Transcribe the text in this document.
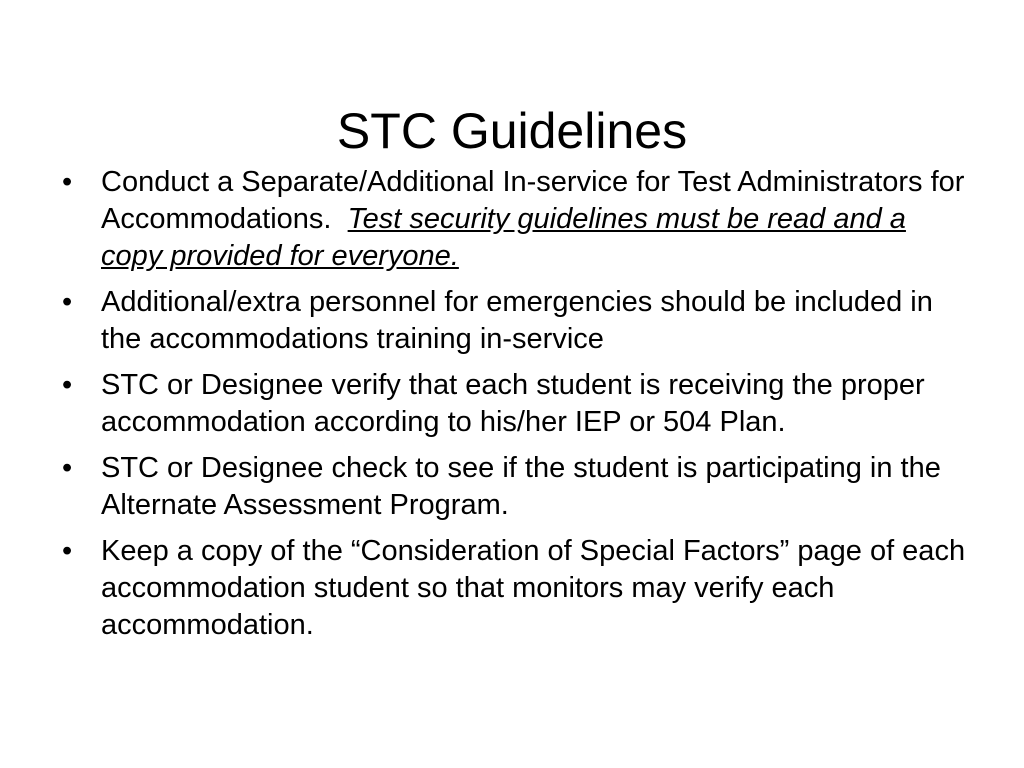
STC Guidelines
• Conduct a Separate/Additional In-service for Test Administrators for Accommodations. Test security guidelines must be read and a copy provided for everyone.
• Additional/extra personnel for emergencies should be included in the accommodations training in-service
• STC or Designee verify that each student is receiving the proper accommodation according to his/her IEP or 504 Plan.
• STC or Designee check to see if the student is participating in the Alternate Assessment Program.
• Keep a copy of the “Consideration of Special Factors” page of each accommodation student so that monitors may verify each accommodation.
